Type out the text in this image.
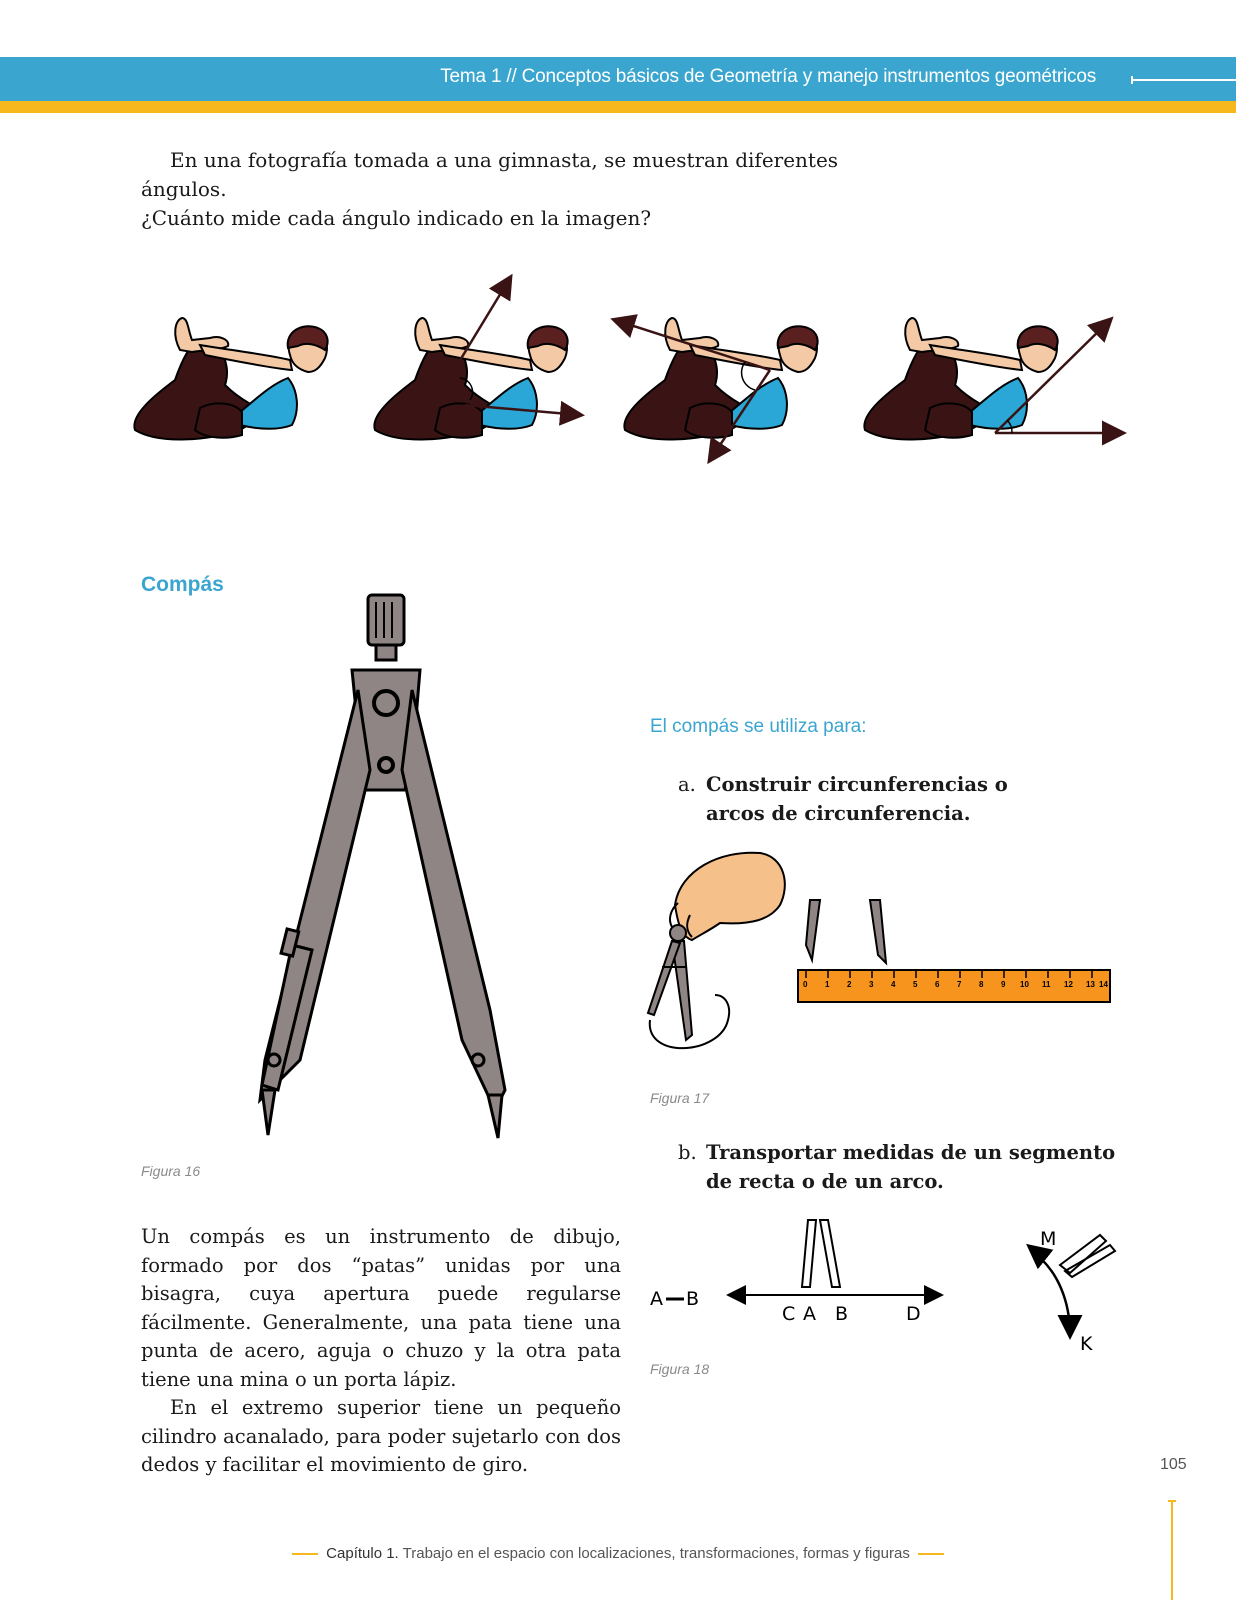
Tema 1 // Conceptos básicos de Geometría y manejo instrumentos geométricos

En una fotografía tomada a una gimnasta, se muestran diferentes ángulos.

¿Cuánto mide cada ángulo indicado en la imagen?

Compás
Figura 16
El compás se utiliza para:
a. Construir circunferencias o arcos de circunferencia.
0 1 2 3 4 5 6 7 8 9 10 11 12 13 14
Figura 17
b. Transportar medidas de un segmento de recta o de un arco.
A B
C A B	D
M
K
Figura 18

Un compás es un instrumento de dibujo, formado por dos “patas” unidas por una bisagra, cuya apertura puede regularse fácilmente. Generalmente, una pata tiene una punta de acero, aguja o chuzo y la otra pata tiene una mina o un porta lápiz.

En el extremo superior tiene un pequeño cilindro acanalado, para poder sujetarlo con dos dedos y facilitar el movimiento de giro.	105
Capítulo 1. Trabajo en el espacio con localizaciones, transformaciones, formas y figuras
